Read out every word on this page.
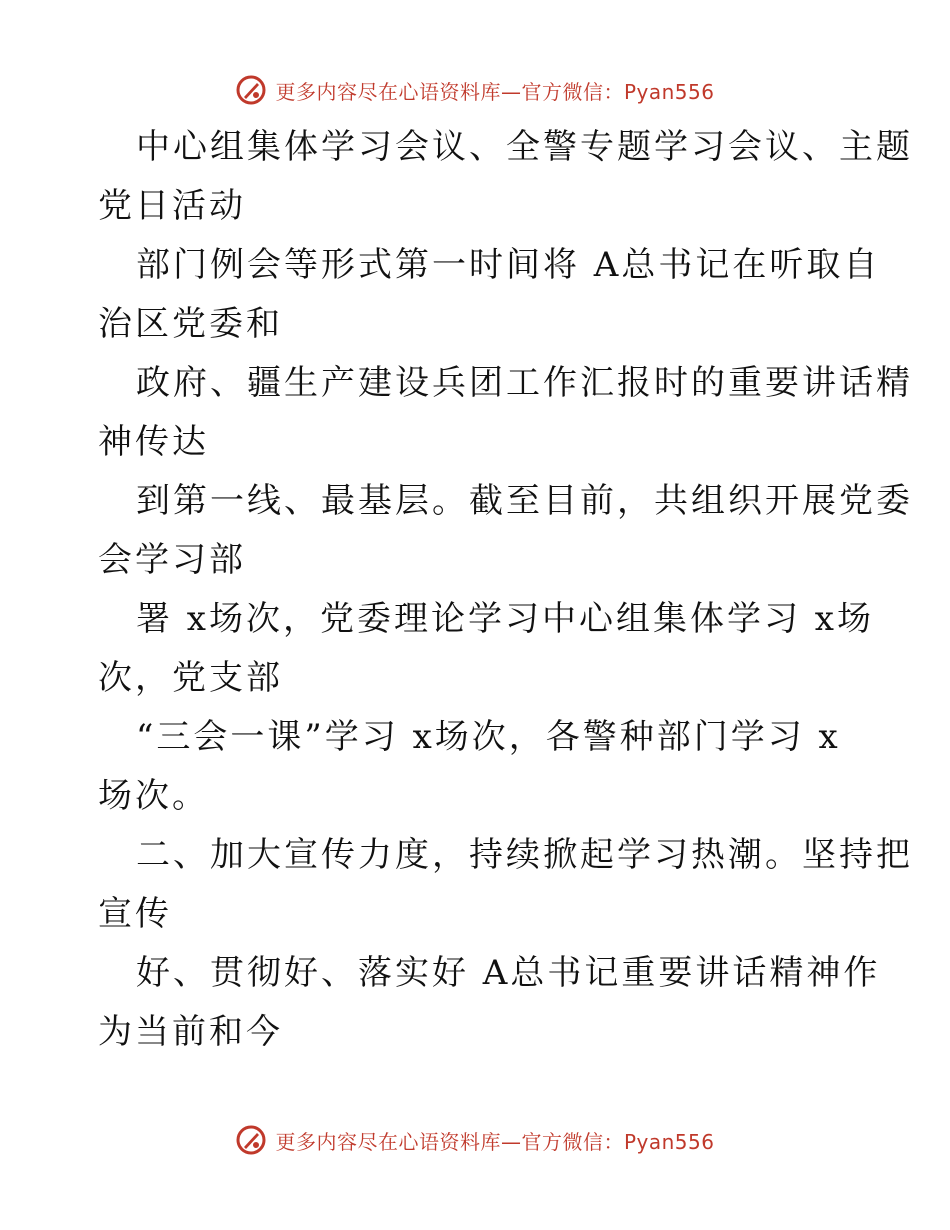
更多内容尽在心语资料库—官方微信：Pyan556
中心组集体学习会议、全警专题学习会议、主题
党日活动
部门例会等形式第一时间将 A总书记在听取自
治区党委和
政府、疆生产建设兵团工作汇报时的重要讲话精
神传达
到第一线、最基层。截至目前，共组织开展党委
会学习部
署 x场次，党委理论学习中心组集体学习 x场
次，党支部
“三会一课”学习 x场次，各警种部门学习 x
场次。
二、加大宣传力度，持续掀起学习热潮。坚持把
宣传
好、贯彻好、落实好 A总书记重要讲话精神作
为当前和今
更多内容尽在心语资料库—官方微信：Pyan556
